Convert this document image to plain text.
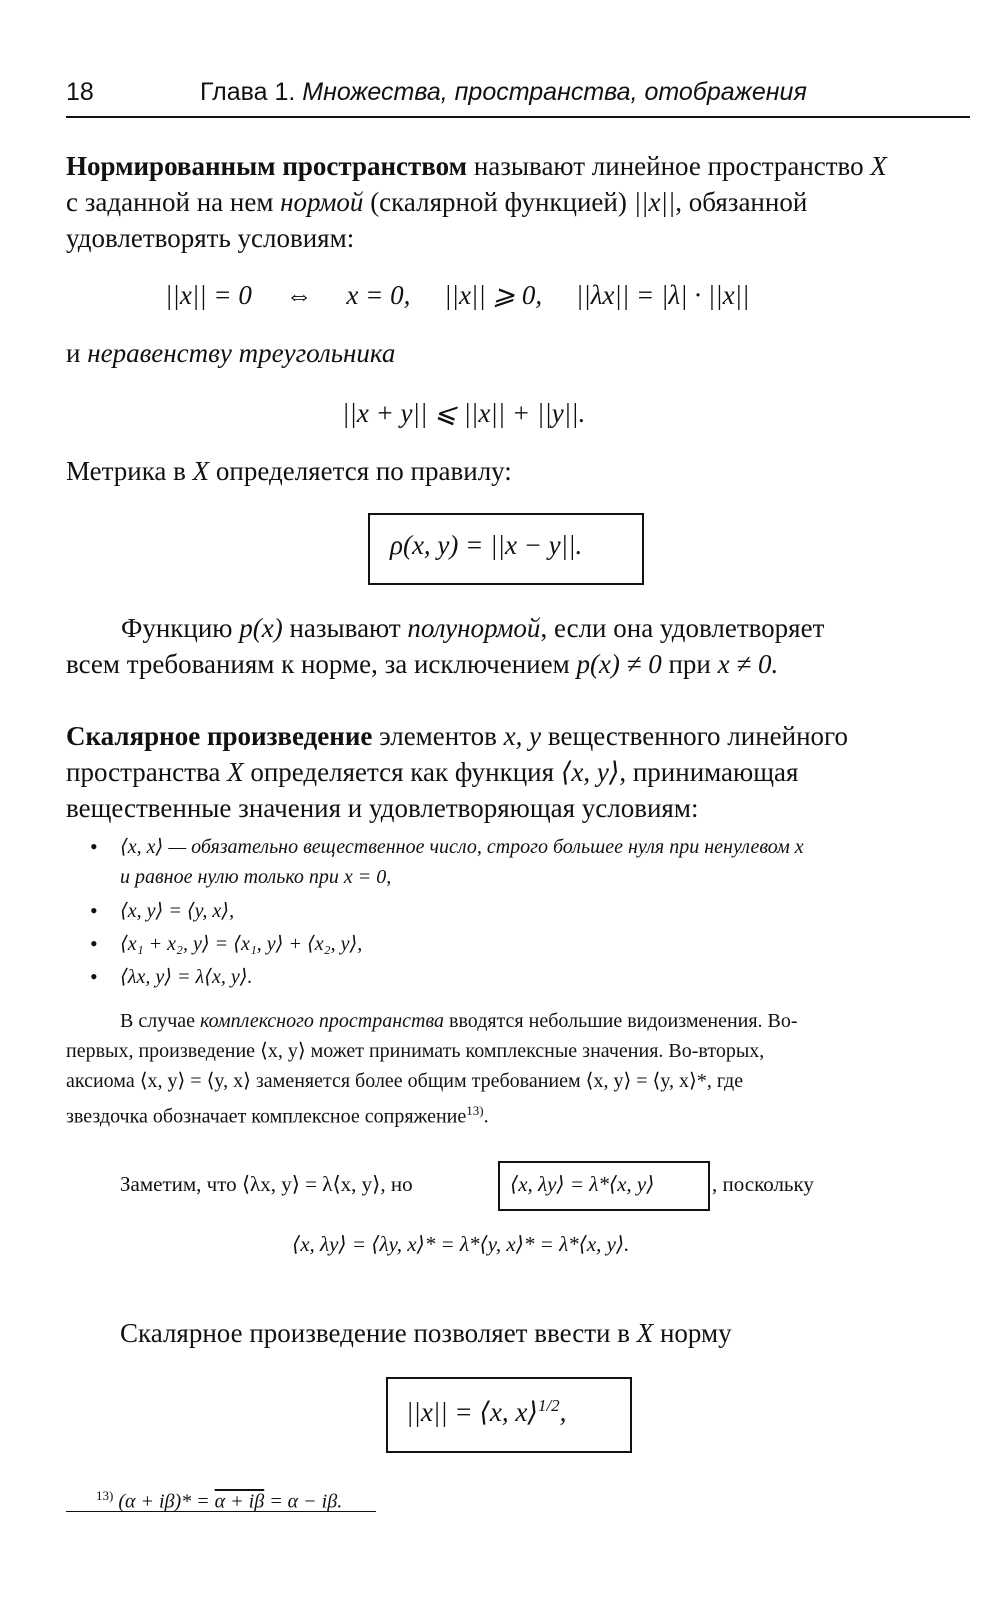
18	Глава 1. Множества, пространства, отображения
Нормированным пространством называют линейное пространство X
с заданной на нем нормой (скалярной функцией) ||x||, обязанной
удовлетворять условиям:
||x|| = 0     ⇔     x = 0,     ||x|| ⩾ 0,     ||λx|| = |λ| · ||x||
и неравенству треугольника
||x + y|| ⩽ ||x|| + ||y||.
Метрика в X определяется по правилу:
ρ(x, y) = ||x − y||.
Функцию p(x) называют полунормой, если она удовлетворяет
всем требованиям к норме, за исключением p(x) ≠ 0 при x ≠ 0.
Скалярное произведение элементов x, y вещественного линейного
пространства X определяется как функция ⟨x, y⟩, принимающая
вещественные значения и удовлетворяющая условиям:
• ⟨x, x⟩ — обязательно вещественное число, строго большее нуля при ненулевом x
и равное нулю только при x = 0,
• ⟨x, y⟩ = ⟨y, x⟩,
• ⟨x₁ + x₂, y⟩ = ⟨x₁, y⟩ + ⟨x₂, y⟩,
• ⟨λx, y⟩ = λ⟨x, y⟩.
В случае комплексного пространства вводятся небольшие видоизменения. Во-
первых, произведение ⟨x, y⟩ может принимать комплексные значения. Во-вторых,
аксиома ⟨x, y⟩ = ⟨y, x⟩ заменяется более общим требованием ⟨x, y⟩ = ⟨y, x⟩*, где
звездочка обозначает комплексное сопряжение$^{13)}$.
Заметим, что ⟨λx, y⟩ = λ⟨x, y⟩, но	⟨x, λy⟩ = λ*⟨x, y⟩	, поскольку
⟨x, λy⟩ = ⟨λy, x⟩* = λ*⟨y, x⟩* = λ*⟨x, y⟩.
Скалярное произведение позволяет ввести в X норму
||x|| = ⟨x, x⟩$^{1/2}$,
$^{13)}$ (α + iβ)* = α + iβ = α − iβ.
